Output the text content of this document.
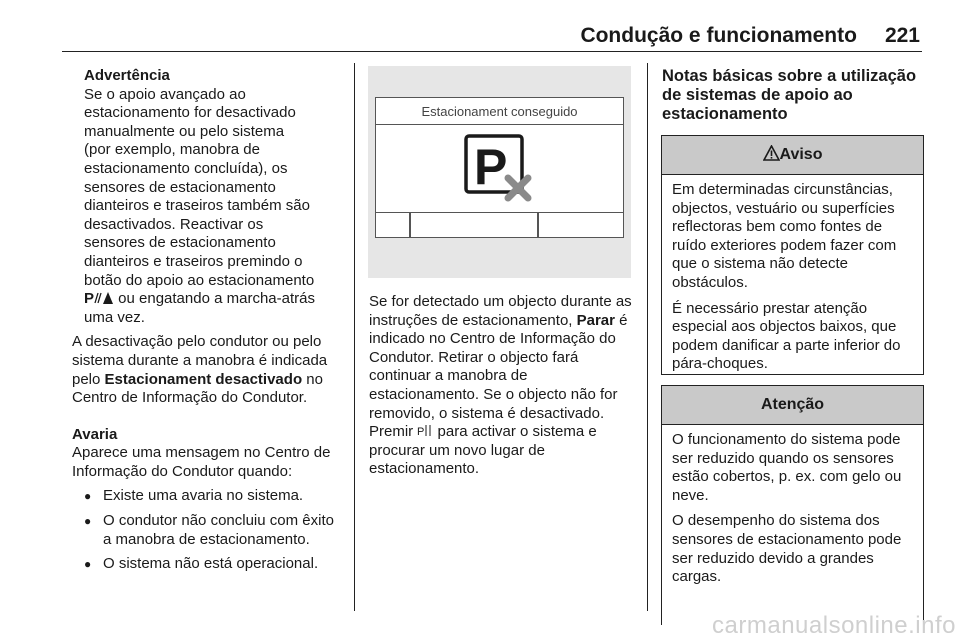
Condução e funcionamento 221

Advertência

Se o apoio avançado ao

estacionamento for desactivado

manualmente ou pelo sistema

(por exemplo, manobra de

estacionamento concluída), os

sensores de estacionamento

dianteiros e traseiros também são

desactivados. Reactivar os

sensores de estacionamento

dianteiros e traseiros premindo o

botão do apoio ao estacionamento

P ou engatando a marcha-atrás

uma vez.

A desactivação pelo condutor ou pelo sistema durante a manobra é indicada pelo Estacionament desactivado no Centro de Informação do Condutor.

Avaria

Aparece uma mensagem no Centro de Informação do Condutor quando:

● Existe uma avaria no sistema.
● O condutor não concluiu com êxito a manobra de estacionamento.
● O sistema não está operacional.
Estacionament conseguido
P

Se for detectado um objecto durante as instruções de estacionamento, Parar é indicado no Centro de Informação do Condutor. Retirar o objecto fará continuar a manobra de estacionamento. Se o objecto não for removido, o sistema é desactivado. Premir P para activar o sistema e procurar um novo lugar de estacionamento.

Notas básicas sobre a utilização de sistemas de apoio ao estacionamento

Aviso

Em determinadas circunstâncias, objectos, vestuário ou superfícies reflectoras bem como fontes de ruído exteriores podem fazer com que o sistema não detecte obstáculos.

É necessário prestar atenção especial aos objectos baixos, que podem danificar a parte inferior do pára-choques.

Atenção

O funcionamento do sistema pode ser reduzido quando os sensores estão cobertos, p. ex. com gelo ou neve.

O desempenho do sistema dos sensores de estacionamento pode ser reduzido devido a grandes cargas.

carmanualsonline.info
